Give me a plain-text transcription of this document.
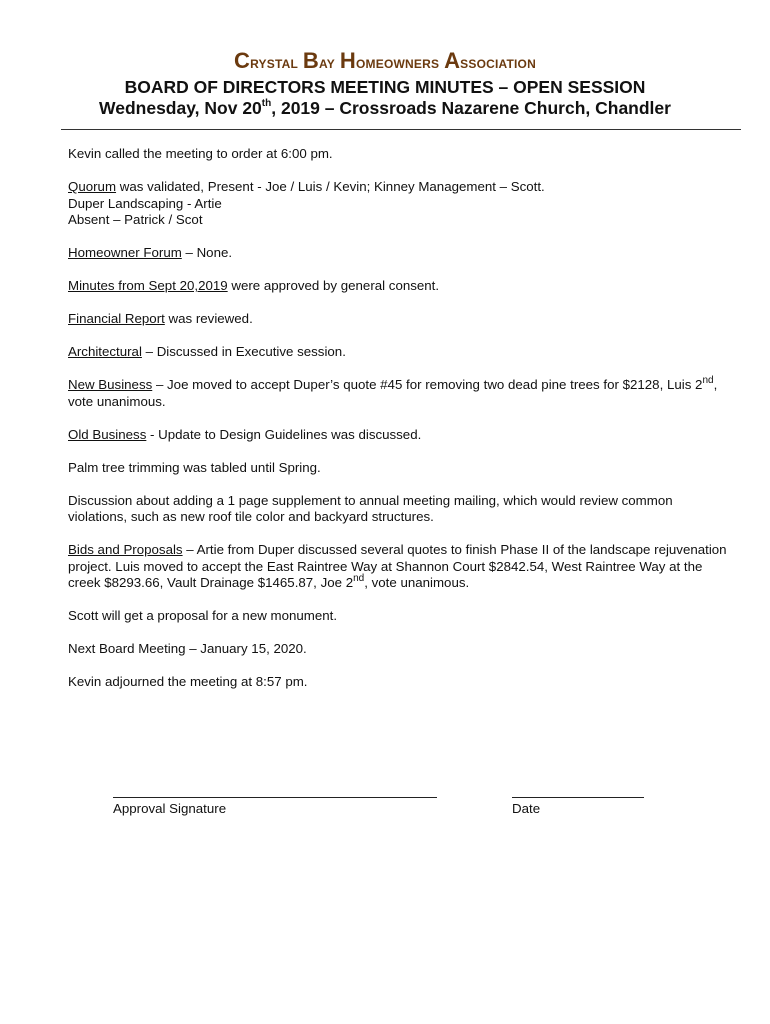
Crystal Bay Homeowners Association
BOARD OF DIRECTORS MEETING MINUTES – OPEN SESSION
Wednesday, Nov 20th, 2019 – Crossroads Nazarene Church, Chandler

Kevin called the meeting to order at 6:00 pm.

Quorum was validated, Present - Joe / Luis / Kevin; Kinney Management – Scott.
Duper Landscaping - Artie
Absent – Patrick / Scot

Homeowner Forum – None.

Minutes from Sept 20,2019 were approved by general consent.

Financial Report was reviewed.

Architectural – Discussed in Executive session.

New Business – Joe moved to accept Duper’s quote #45 for removing two dead pine trees for $2128, Luis 2nd, vote unanimous.

Old Business - Update to Design Guidelines was discussed.

Palm tree trimming was tabled until Spring.

Discussion about adding a 1 page supplement to annual meeting mailing, which would review common violations, such as new roof tile color and backyard structures.

Bids and Proposals – Artie from Duper discussed several quotes to finish Phase II of the landscape rejuvenation project. Luis moved to accept the East Raintree Way at Shannon Court $2842.54, West Raintree Way at the creek $8293.66, Vault Drainage $1465.87, Joe 2nd, vote unanimous.

Scott will get a proposal for a new monument.

Next Board Meeting – January 15, 2020.

Kevin adjourned the meeting at 8:57 pm.

Approval Signature	Date
